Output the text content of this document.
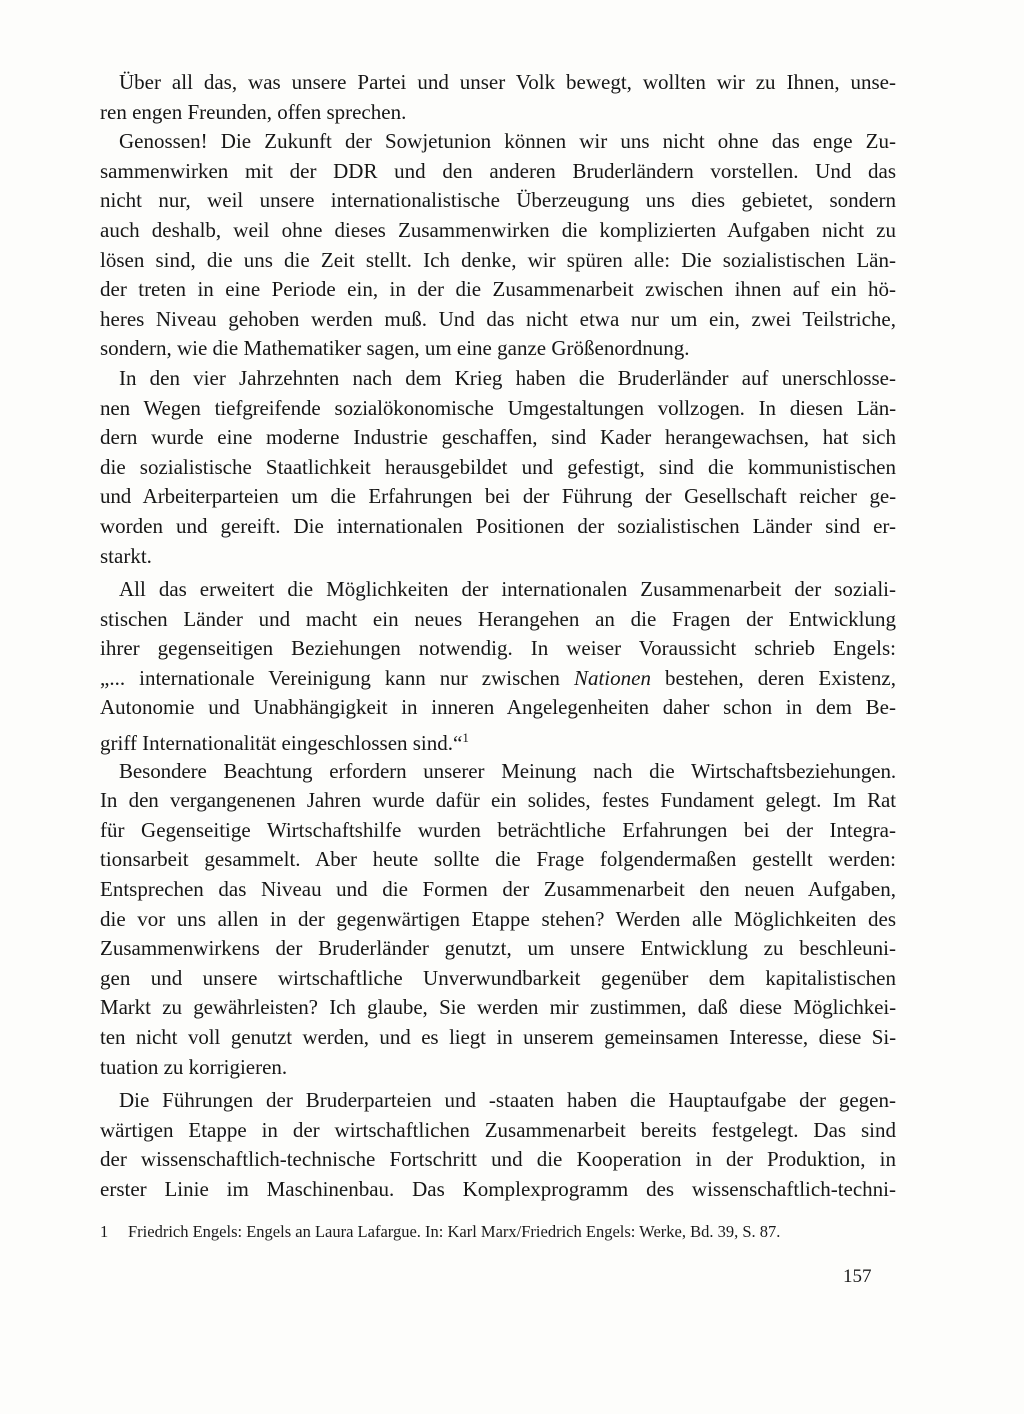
Über all das, was unsere Partei und unser Volk bewegt, wollten wir zu Ihnen, unse-
ren engen Freunden, offen sprechen.
Genossen! Die Zukunft der Sowjetunion können wir uns nicht ohne das enge Zu-
sammenwirken mit der DDR und den anderen Bruderländern vorstellen. Und das
nicht nur, weil unsere internationalistische Überzeugung uns dies gebietet, sondern
auch deshalb, weil ohne dieses Zusammenwirken die komplizierten Aufgaben nicht zu
lösen sind, die uns die Zeit stellt. Ich denke, wir spüren alle: Die sozialistischen Län-
der treten in eine Periode ein, in der die Zusammenarbeit zwischen ihnen auf ein hö-
heres Niveau gehoben werden muß. Und das nicht etwa nur um ein, zwei Teilstriche,
sondern, wie die Mathematiker sagen, um eine ganze Größenordnung.
In den vier Jahrzehnten nach dem Krieg haben die Bruderländer auf unerschlosse-
nen Wegen tiefgreifende sozialökonomische Umgestaltungen vollzogen. In diesen Län-
dern wurde eine moderne Industrie geschaffen, sind Kader herangewachsen, hat sich
die sozialistische Staatlichkeit herausgebildet und gefestigt, sind die kommunistischen
und Arbeiterparteien um die Erfahrungen bei der Führung der Gesellschaft reicher ge-
worden und gereift. Die internationalen Positionen der sozialistischen Länder sind er-
starkt.
All das erweitert die Möglichkeiten der internationalen Zusammenarbeit der soziali-
stischen Länder und macht ein neues Herangehen an die Fragen der Entwicklung
ihrer gegenseitigen Beziehungen notwendig. In weiser Voraussicht schrieb Engels:
„... internationale Vereinigung kann nur zwischen Nationen bestehen, deren Existenz,
Autonomie und Unabhängigkeit in inneren Angelegenheiten daher schon in dem Be-
griff Internationalität eingeschlossen sind.“$^1$
Besondere Beachtung erfordern unserer Meinung nach die Wirtschaftsbeziehungen.
In den vergangenenen Jahren wurde dafür ein solides, festes Fundament gelegt. Im Rat
für Gegenseitige Wirtschaftshilfe wurden beträchtliche Erfahrungen bei der Integra-
tionsarbeit gesammelt. Aber heute sollte die Frage folgendermaßen gestellt werden:
Entsprechen das Niveau und die Formen der Zusammenarbeit den neuen Aufgaben,
die vor uns allen in der gegenwärtigen Etappe stehen? Werden alle Möglichkeiten des
Zusammenwirkens der Bruderländer genutzt, um unsere Entwicklung zu beschleuni-
gen und unsere wirtschaftliche Unverwundbarkeit gegenüber dem kapitalistischen
Markt zu gewährleisten? Ich glaube, Sie werden mir zustimmen, daß diese Möglichkei-
ten nicht voll genutzt werden, und es liegt in unserem gemeinsamen Interesse, diese Si-
tuation zu korrigieren.
Die Führungen der Bruderparteien und -staaten haben die Hauptaufgabe der gegen-
wärtigen Etappe in der wirtschaftlichen Zusammenarbeit bereits festgelegt. Das sind
der wissenschaftlich-technische Fortschritt und die Kooperation in der Produktion, in
erster Linie im Maschinenbau. Das Komplexprogramm des wissenschaftlich-techni-
1 Friedrich Engels: Engels an Laura Lafargue. In: Karl Marx/Friedrich Engels: Werke, Bd. 39, S. 87.
157
